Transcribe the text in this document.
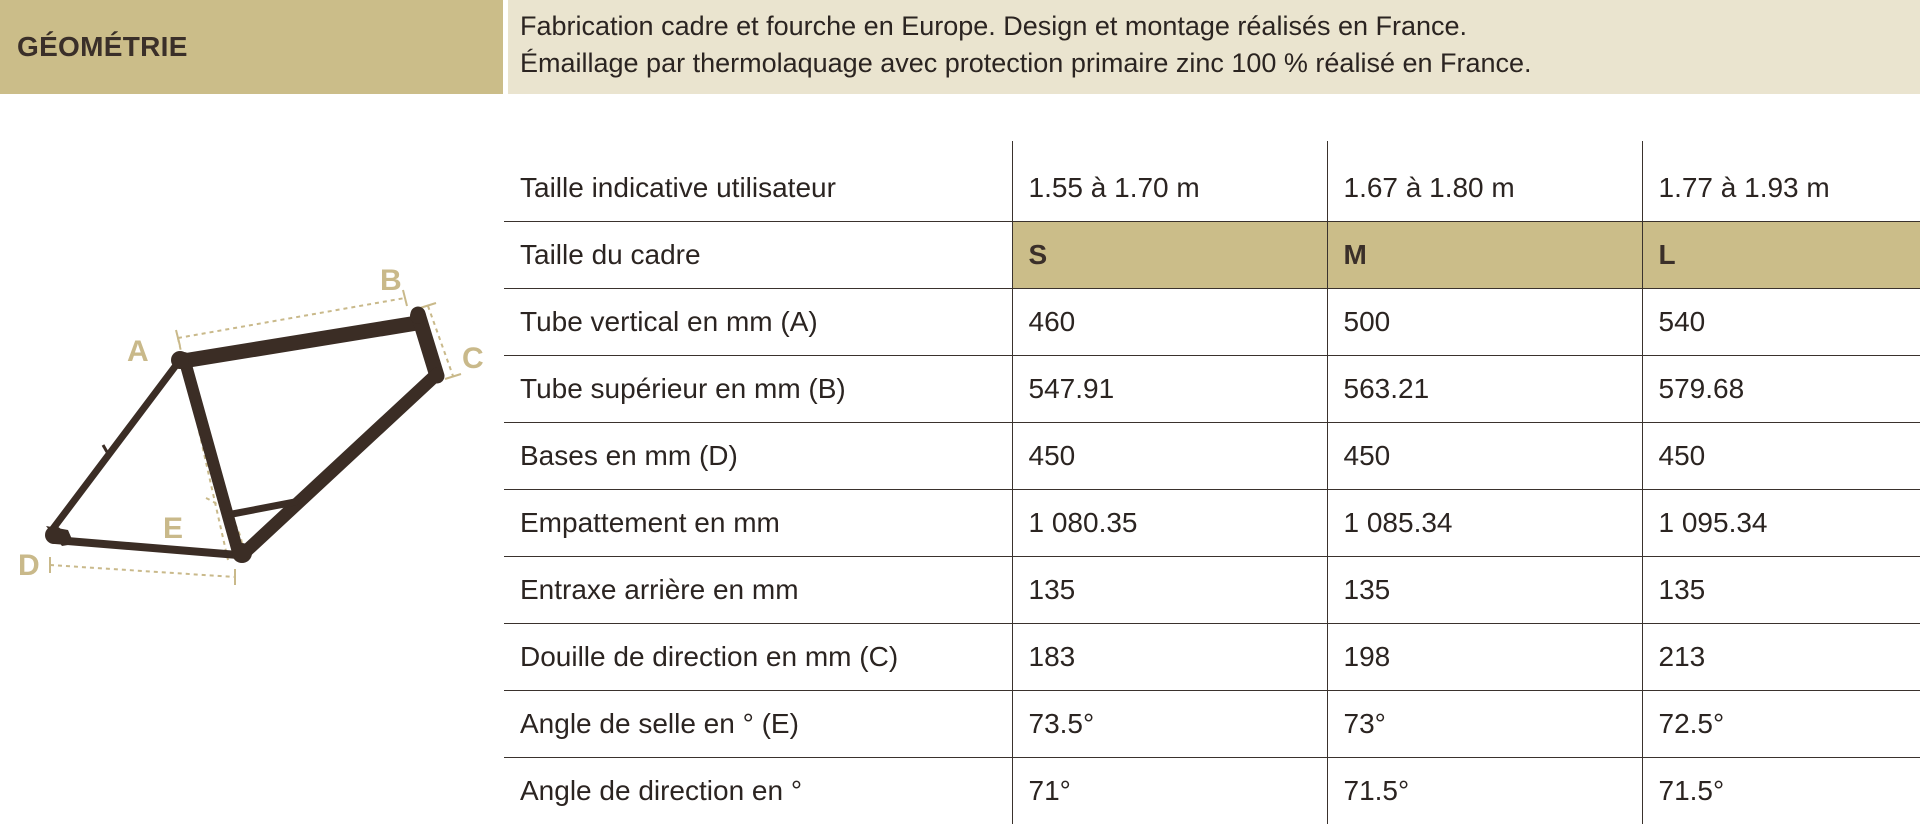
GÉOMÉTRIE
Fabrication cadre et fourche en Europe. Design et montage réalisés en France.
Émaillage par thermolaquage avec protection primaire zinc 100 % réalisé en France.
A
B
C
D
E
Taille indicative utilisateur	1.55 à 1.70 m	1.67 à 1.80 m	1.77 à 1.93 m
Taille du cadre	S	M	L
Tube vertical en mm (A)	460	500	540
Tube supérieur en mm (B)	547.91	563.21	579.68
Bases en mm (D)	450	450	450
Empattement en mm	1 080.35	1 085.34	1 095.34
Entraxe arrière en mm	135	135	135
Douille de direction en mm (C)	183	198	213
Angle de selle en ° (E)	73.5°	73°	72.5°
Angle de direction en °	71°	71.5°	71.5°
